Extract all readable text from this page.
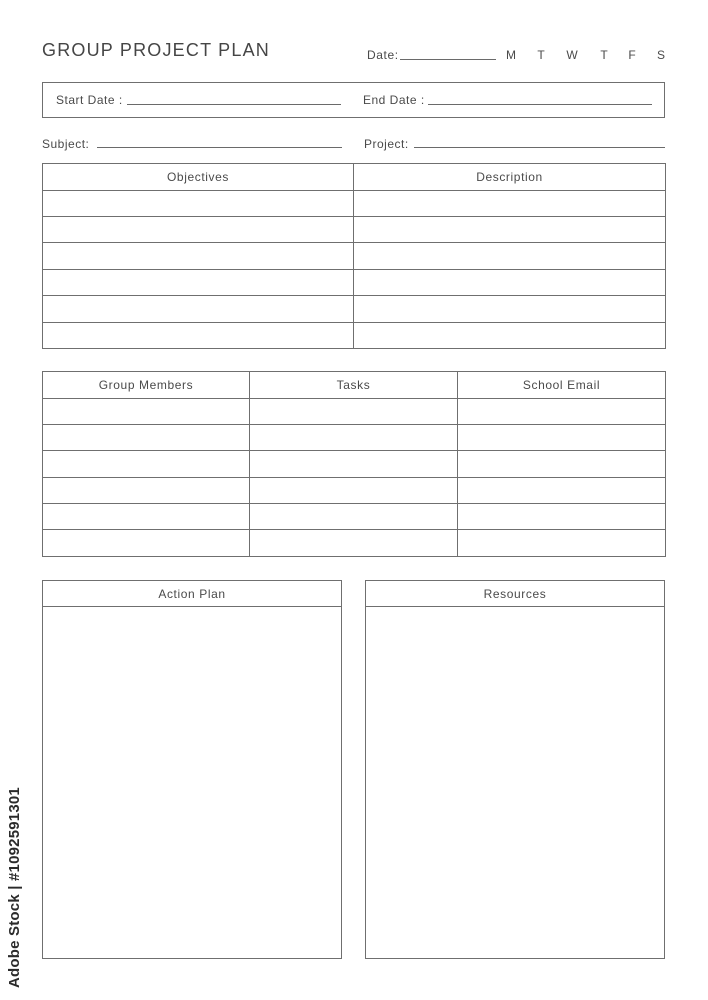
GROUP PROJECT PLAN	Date:	M T W T F S
Start Date :	End Date :
Subject:	Project:
Objectives	Description

Group Members	Tasks	School Email

Action Plan	Resources
Adobe Stock | #1092591301
